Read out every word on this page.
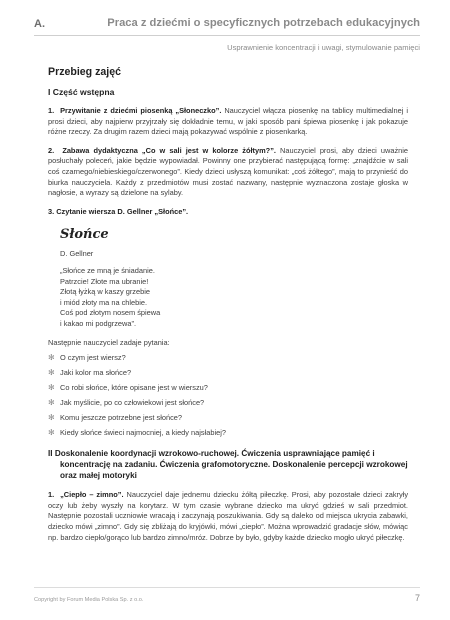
A.	Praca z dziećmi o specyficznych potrzebach edukacyjnych
Usprawnienie koncentracji i uwagi, stymulowanie pamięci
Przebieg zajęć
I Część wstępna
1. Przywitanie z dziećmi piosenką „Słoneczko”. Nauczyciel włącza piosenkę na tablicy multimedialnej i prosi dzieci, aby najpierw przyjrzały się dokładnie temu, w jaki sposób pani śpiewa piosenkę i jak pokazuje różne rzeczy. Za drugim razem dzieci mają pokazywać wspólnie z piosenkarką.
2. Zabawa dydaktyczna „Co w sali jest w kolorze żółtym?”. Nauczyciel prosi, aby dzieci uważnie posłuchały poleceń, jakie będzie wypowiadał. Powinny one przybierać następującą formę: „znajdźcie w sali coś czarnego/niebieskiego/czerwonego”. Kiedy dzieci usłyszą komunikat: „coś żółtego”, mają to przynieść do biurka nauczyciela. Każdy z przedmiotów musi zostać nazwany, następnie wyznaczona zostaje głoska w nagłosie, a wyrazy są dzielone na sylaby.
3. Czytanie wiersza D. Gellner „Słońce”.
Słońce
D. Gellner
„Słońce ze mną je śniadanie.
Patrzcie! Złote ma ubranie!
Złotą łyżką w kaszy grzebie
i miód złoty ma na chlebie.
Coś pod złotym nosem śpiewa
i kakao mi podgrzewa”.
Następnie nauczyciel zadaje pytania:
✻ O czym jest wiersz?
✻ Jaki kolor ma słońce?
✻ Co robi słońce, które opisane jest w wierszu?
✻ Jak myślicie, po co człowiekowi jest słońce?
✻ Komu jeszcze potrzebne jest słońce?
✻ Kiedy słońce świeci najmocniej, a kiedy najsłabiej?
II Doskonalenie koordynacji wzrokowo-ruchowej. Ćwiczenia usprawniające pamięć i koncentrację na zadaniu. Ćwiczenia grafomotoryczne. Doskonalenie percepcji wzrokowej oraz małej motoryki
1. „Ciepło – zimno”. Nauczyciel daje jednemu dziecku żółtą piłeczkę. Prosi, aby pozostałe dzieci zakryły oczy lub żeby wyszły na korytarz. W tym czasie wybrane dziecko ma ukryć gdzieś w sali przedmiot. Następnie pozostali uczniowie wracają i zaczynają poszukiwania. Gdy są daleko od miejsca ukrycia zabawki, dziecko mówi „zimno”. Gdy się zbliżają do kryjówki, mówi „ciepło”. Można wprowadzić gradacje słów, mówiąc np. bardzo ciepło/gorąco lub bardzo zimno/mróz. Dobrze by było, gdyby każde dziecko mogło ukryć piłeczkę.
Copyright by Forum Media Polska Sp. z o.o.	7
